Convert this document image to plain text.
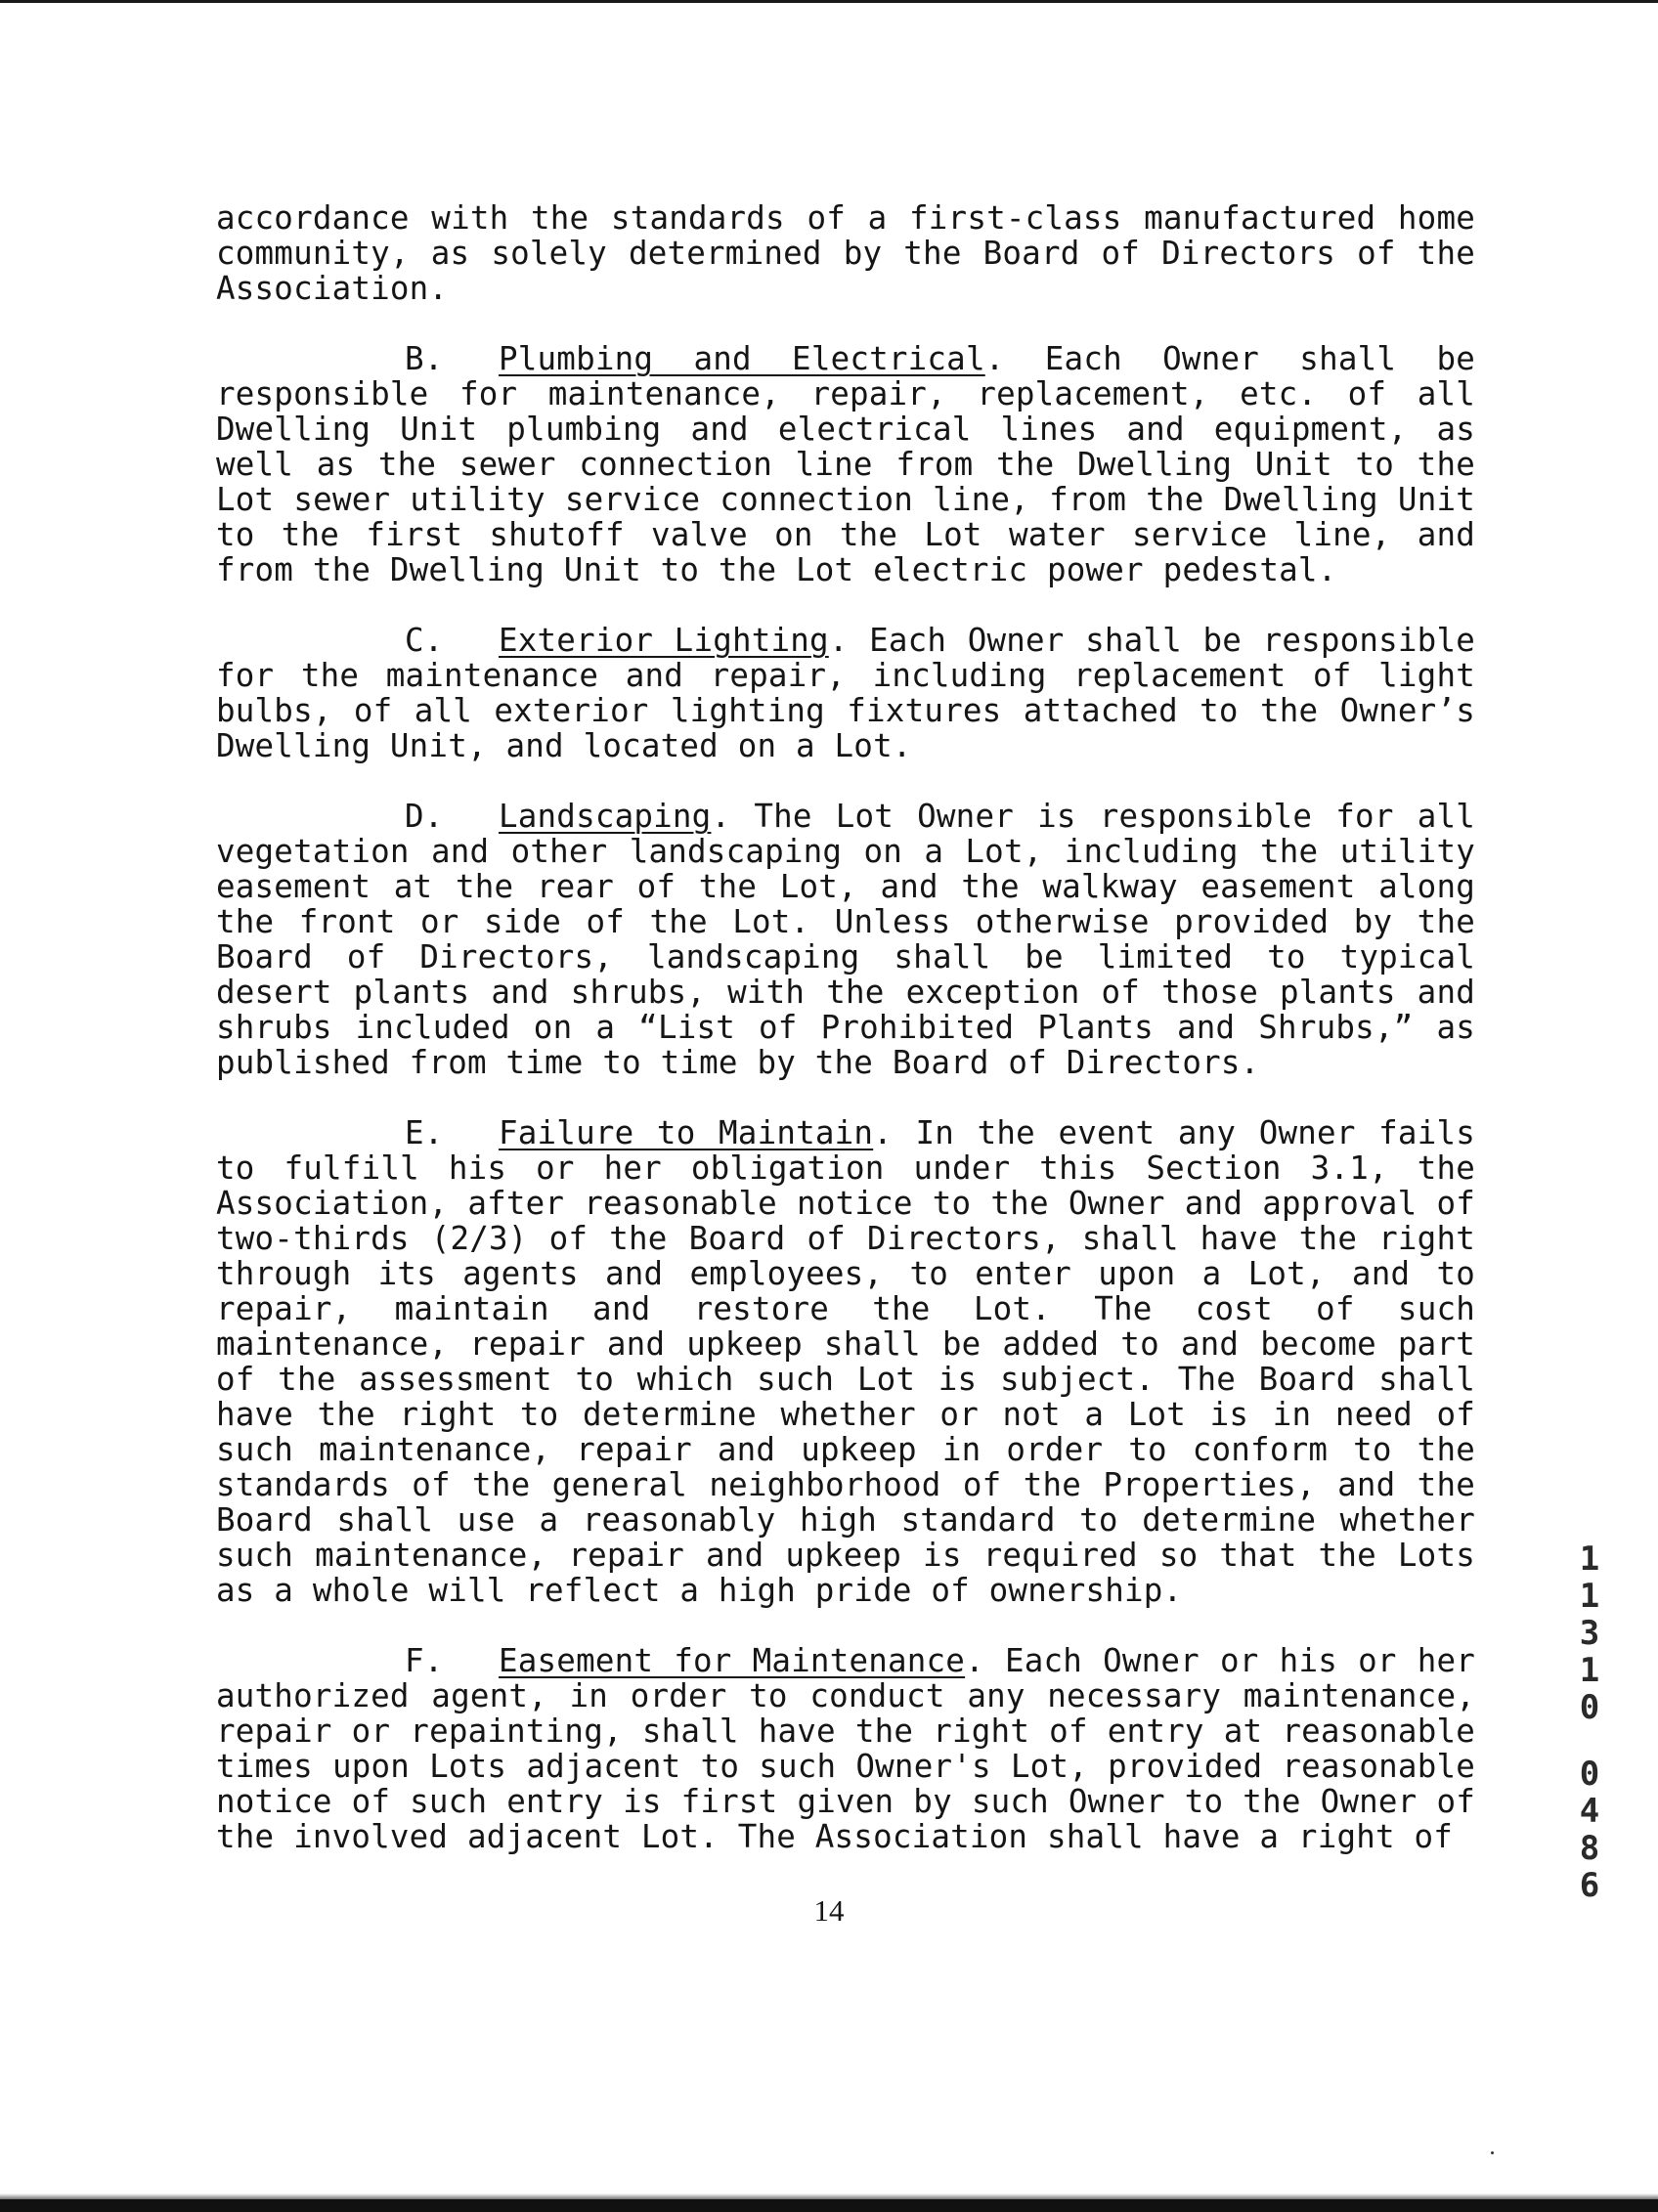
accordance with the standards of a first-class manufactured home community, as solely determined by the Board of Directors of the Association.

B. Plumbing and Electrical. Each Owner shall be responsible for maintenance, repair, replacement, etc. of all Dwelling Unit plumbing and electrical lines and equipment, as well as the sewer connection line from the Dwelling Unit to the Lot sewer utility service connection line, from the Dwelling Unit to the first shutoff valve on the Lot water service line, and from the Dwelling Unit to the Lot electric power pedestal.

C. Exterior Lighting. Each Owner shall be responsible for the maintenance and repair, including replacement of light bulbs, of all exterior lighting fixtures attached to the Owner’s Dwelling Unit, and located on a Lot.

D. Landscaping. The Lot Owner is responsible for all vegetation and other landscaping on a Lot, including the utility easement at the rear of the Lot, and the walkway easement along the front or side of the Lot. Unless otherwise provided by the Board of Directors, landscaping shall be limited to typical desert plants and shrubs, with the exception of those plants and shrubs included on a “List of Prohibited Plants and Shrubs,” as published from time to time by the Board of Directors.

E. Failure to Maintain. In the event any Owner fails to fulfill his or her obligation under this Section 3.1, the Association, after reasonable notice to the Owner and approval of two-thirds (2/3) of the Board of Directors, shall have the right through its agents and employees, to enter upon a Lot, and to repair, maintain and restore the Lot. The cost of such maintenance, repair and upkeep shall be added to and become part of the assessment to which such Lot is subject. The Board shall have the right to determine whether or not a Lot is in need of such maintenance, repair and upkeep in order to conform to the standards of the general neighborhood of the Properties, and the Board shall use a reasonably high standard to determine whether such maintenance, repair and upkeep is required so that the Lots as a whole will reflect a high pride of ownership.

F. Easement for Maintenance. Each Owner or his or her authorized agent, in order to conduct any necessary maintenance, repair or repainting, shall have the right of entry at reasonable times upon Lots adjacent to such Owner's Lot, provided reasonable notice of such entry is first given by such Owner to the Owner of the involved adjacent Lot. The Association shall have a right of

14
1
1
3
1
0
0
4
8
6
